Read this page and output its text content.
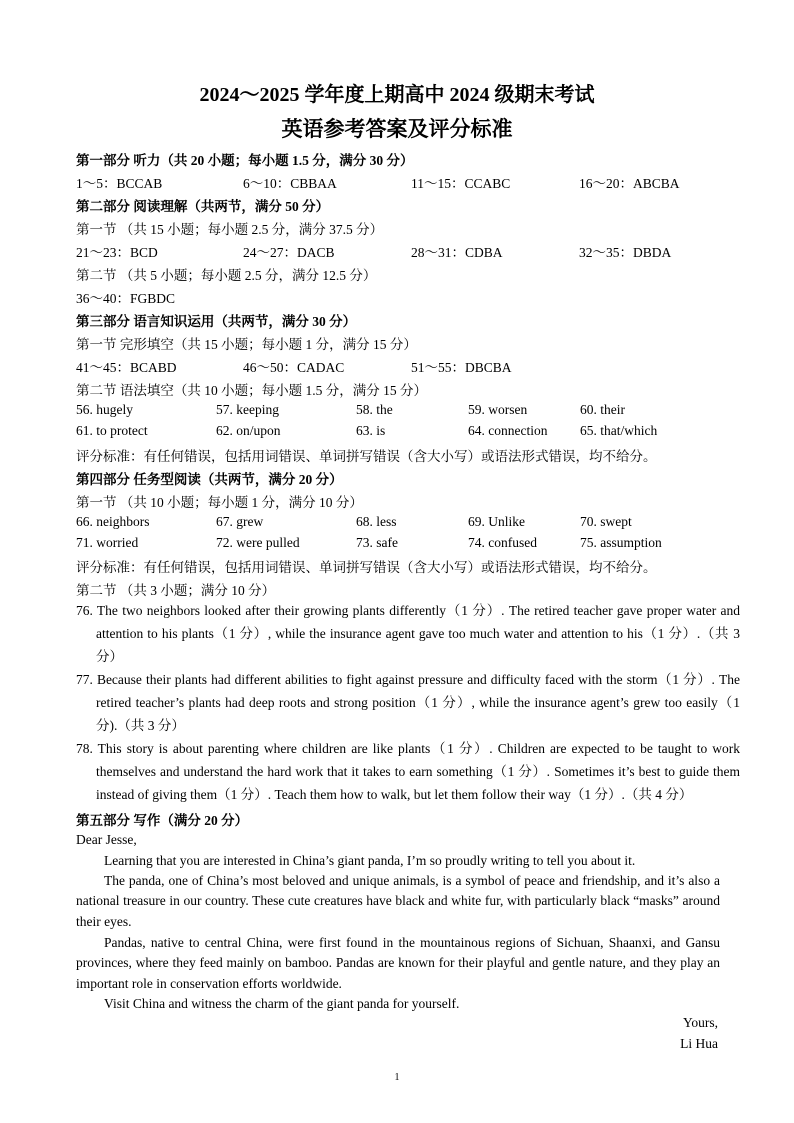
2024～2025 学年度上期高中 2024 级期末考试
英语参考答案及评分标准
第一部分 听力（共 20 小题；每小题 1.5 分，满分 30 分）
1～5：BCCAB	6～10：CBBAA	11～15：CCABC	16～20：ABCBA
第二部分 阅读理解（共两节，满分 50 分）
第一节 （共 15 小题；每小题 2.5 分，满分 37.5 分）
21～23：BCD	24～27：DACB	28～31：CDBA	32～35：DBDA
第二节 （共 5 小题；每小题 2.5 分，满分 12.5 分）
36～40：FGBDC
第三部分 语言知识运用（共两节，满分 30 分）
第一节 完形填空（共 15 小题；每小题 1 分，满分 15 分）
41～45：BCABD	46～50：CADAC	51～55：DBCBA
第二节 语法填空（共 10 小题；每小题 1.5 分，满分 15 分）
56. hugely	57. keeping	58. the	59. worsen	60. their
61. to protect	62. on/upon	63. is	64. connection 65. that/which
评分标准：有任何错误，包括用词错误、单词拼写错误（含大小写）或语法形式错误，均不给分。
第四部分 任务型阅读（共两节，满分 20 分）
第一节 （共 10 小题；每小题 1 分，满分 10 分）
66. neighbors	67. grew	68. less	69. Unlike	70. swept
71. worried	72. were pulled	73. safe	74. confused	75. assumption
评分标准：有任何错误，包括用词错误、单词拼写错误（含大小写）或语法形式错误，均不给分。
第二节 （共 3 小题；满分 10 分）
76. The two neighbors looked after their growing plants differently（1 分）. The retired teacher gave proper water and attention to his plants（1 分）, while the insurance agent gave too much water and attention to his（1 分）.（共 3 分）
77. Because their plants had different abilities to fight against pressure and difficulty faced with the storm（1 分）. The retired teacher’s plants had deep roots and strong position（1 分）, while the insurance agent’s grew too easily（1 分).（共 3 分）
78. This story is about parenting where children are like plants（1 分）. Children are expected to be taught to work themselves and understand the hard work that it takes to earn something（1 分）. Sometimes it’s best to guide them instead of giving them（1 分）. Teach them how to walk, but let them follow their way（1 分）.（共 4 分）
第五部分 写作（满分 20 分）
Dear Jesse,
Learning that you are interested in China’s giant panda, I’m so proudly writing to tell you about it.
The panda, one of China’s most beloved and unique animals, is a symbol of peace and friendship, and it’s also a national treasure in our country. These cute creatures have black and white fur, with particularly black “masks” around their eyes.
Pandas, native to central China, were first found in the mountainous regions of Sichuan, Shaanxi, and Gansu provinces, where they feed mainly on bamboo. Pandas are known for their playful and gentle nature, and they play an important role in conservation efforts worldwide.
Visit China and witness the charm of the giant panda for yourself.
Yours,
Li Hua
1
